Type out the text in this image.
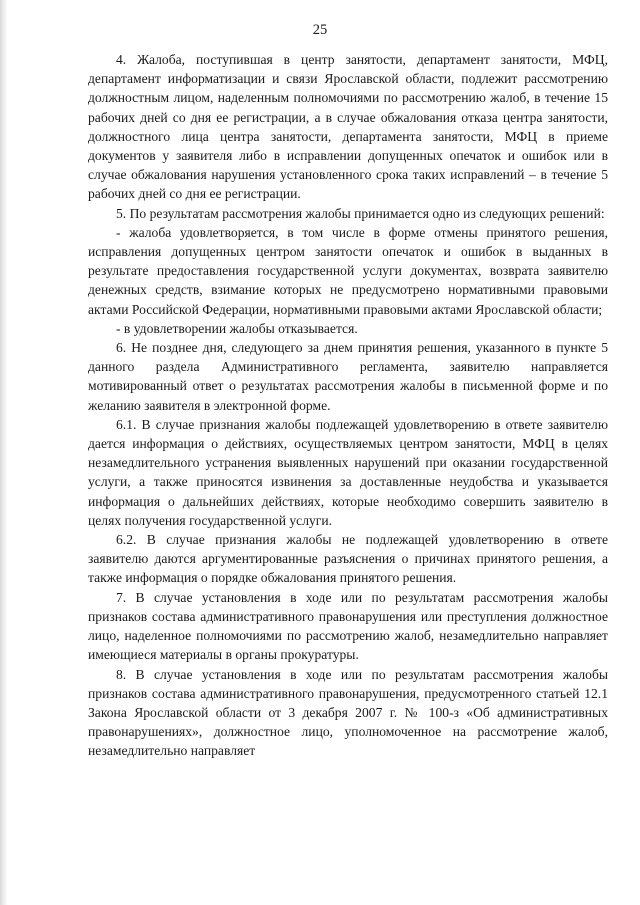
25

4. Жалоба, поступившая в центр занятости, департамент занятости, МФЦ, департамент информатизации и связи Ярославской области, подлежит рассмотрению должностным лицом, наделенным полномочиями по рассмотрению жалоб, в течение 15 рабочих дней со дня ее регистрации, а в случае обжалования отказа центра занятости, должностного лица центра занятости, департамента занятости, МФЦ в приеме документов у заявителя либо в исправлении допущенных опечаток и ошибок или в случае обжалования нарушения установленного срока таких исправлений – в течение 5 рабочих дней со дня ее регистрации.

5. По результатам рассмотрения жалобы принимается одно из следующих решений:

- жалоба удовлетворяется, в том числе в форме отмены принятого решения, исправления допущенных центром занятости опечаток и ошибок в выданных в результате предоставления государственной услуги документах, возврата заявителю денежных средств, взимание которых не предусмотрено нормативными правовыми актами Российской Федерации, нормативными правовыми актами Ярославской области;

- в удовлетворении жалобы отказывается.

6. Не позднее дня, следующего за днем принятия решения, указанного в пункте 5 данного раздела Административного регламента, заявителю направляется мотивированный ответ о результатах рассмотрения жалобы в письменной форме и по желанию заявителя в электронной форме.

6.1. В случае признания жалобы подлежащей удовлетворению в ответе заявителю дается информация о действиях, осуществляемых центром занятости, МФЦ в целях незамедлительного устранения выявленных нарушений при оказании государственной услуги, а также приносятся извинения за доставленные неудобства и указывается информация о дальнейших действиях, которые необходимо совершить заявителю в целях получения государственной услуги.

6.2. В случае признания жалобы не подлежащей удовлетворению в ответе заявителю даются аргументированные разъяснения о причинах принятого решения, а также информация о порядке обжалования принятого решения.

7. В случае установления в ходе или по результатам рассмотрения жалобы признаков состава административного правонарушения или преступления должностное лицо, наделенное полномочиями по рассмотрению жалоб, незамедлительно направляет имеющиеся материалы в органы прокуратуры.

8. В случае установления в ходе или по результатам рассмотрения жалобы признаков состава административного правонарушения, предусмотренного статьей 12.1 Закона Ярославской области от 3 декабря 2007 г. № 100-з «Об административных правонарушениях», должностное лицо, уполномоченное на рассмотрение жалоб, незамедлительно направляет
